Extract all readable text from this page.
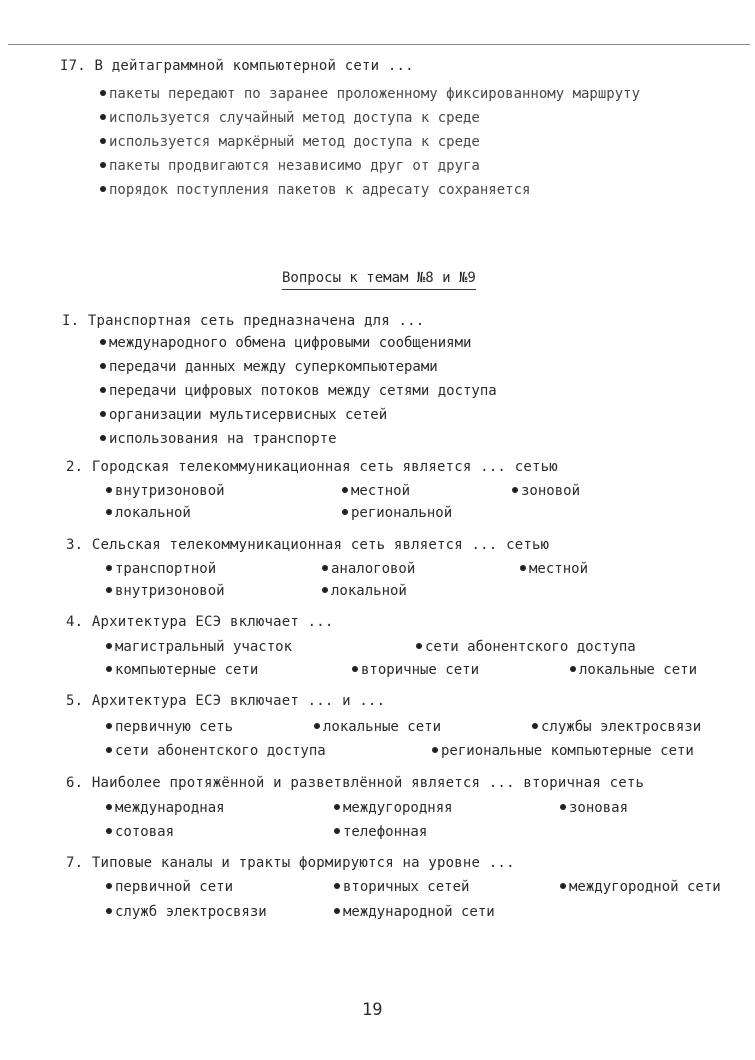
I7. В дейтаграммной компьютерной сети ...
пакеты передают по заранее проложенному фиксированному маршруту
используется случайный метод доступа к среде
используется маркёрный метод доступа к среде
пакеты продвигаются независимо друг от друга
порядок поступления пакетов к адресату сохраняется
Вопросы к темам №8 и №9
I. Транспортная сеть предназначена для ...
международного обмена цифровыми сообщениями
передачи данных между суперкомпьютерами
передачи цифровых потоков между сетями доступа
организации мультисервисных сетей
использования на транспорте
2. Городская телекоммуникационная сеть является ... сетью
внутризоновой	местной	зоновой
локальной	региональной
3. Сельская телекоммуникационная сеть является ... сетью
транспортной	аналоговой	местной
внутризоновой	локальной
4. Архитектура ЕСЭ включает ...
магистральный участок	сети абонентского доступа
компьютерные сети	вторичные сети	локальные сети
5. Архитектура ЕСЭ включает ... и ...
первичную сеть	локальные сети	службы электросвязи
сети абонентского доступа	региональные компьютерные сети
6. Наиболее протяжённой и разветвлённой является ... вторичная сеть
международная	междугородняя	зоновая
сотовая	телефонная
7. Типовые каналы и тракты формируются на уровне ...
первичной сети	вторичных сетей	междугородной сети
служб электросвязи	международной сети
19
